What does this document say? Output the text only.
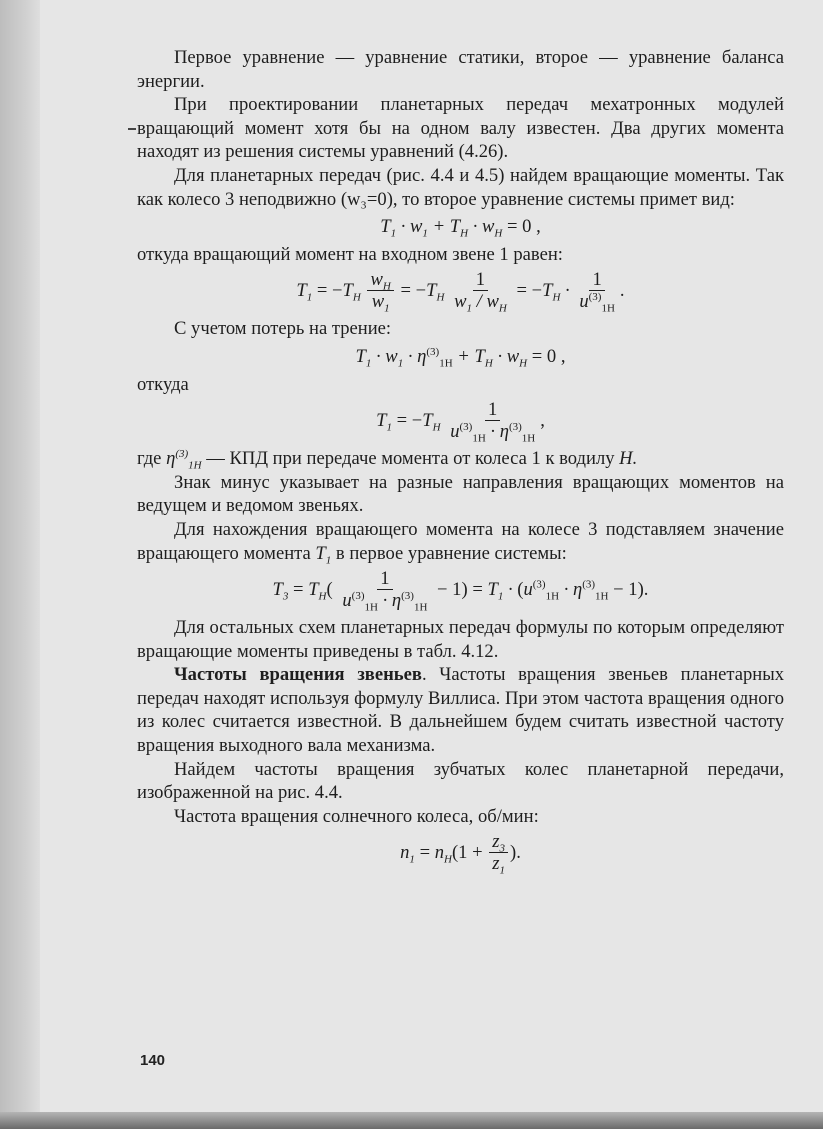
Первое уравнение — уравнение статики, второе — уравнение баланса энергии.

При проектировании планетарных передач мехатронных модулей вращающий момент хотя бы на одном валу известен. Два других момента находят из решения системы уравнений (4.26).

Для планетарных передач (рис. 4.4 и 4.5) найдем вращающие моменты. Так как колесо 3 неподвижно (w₃=0), то второе уравнение системы примет вид:

$T_1 \cdot w_1 + T_H \cdot w_H = 0$ ,

откуда вращающий момент на входном звене 1 равен:

$T_1 = -T_H \frac{w_H}{w_1} = -T_H \frac{1}{w_1 / w_H} = -T_H \cdot \frac{1}{u^{(3)}_{1H}}$ .

С учетом потерь на трение:

$T_1 \cdot w_1 \cdot \eta^{(3)}_{1H} + T_H \cdot w_H = 0$ ,

откуда

$T_1 = -T_H \frac{1}{u^{(3)}_{1H} \cdot \eta^{(3)}_{1H}}$ ,

где $\eta^{(3)}_{1H}$ — КПД при передаче момента от колеса 1 к водилу H.

Знак минус указывает на разные направления вращающих моментов на ведущем и ведомом звеньях.

Для нахождения вращающего момента на колесе 3 подставляем значение вращающего момента $T_1$ в первое уравнение системы:

$T_3 = T_H( \frac{1}{u^{(3)}_{1H} \cdot \eta^{(3)}_{1H}} - 1) = T_1 \cdot (u^{(3)}_{1H} \cdot \eta^{(3)}_{1H} - 1)$.

Для остальных схем планетарных передач формулы по которым определяют вращающие моменты приведены в табл. 4.12.

Частоты вращения звеньев. Частоты вращения звеньев планетарных передач находят используя формулу Виллиса. При этом частота вращения одного из колес считается известной. В дальнейшем будем считать известной частоту вращения выходного вала механизма.

Найдем частоты вращения зубчатых колес планетарной передачи, изображенной на рис. 4.4.

Частота вращения солнечного колеса, об/мин:

$n_1 = n_H(1 + \frac{z_3}{z_1}$ ).
140
